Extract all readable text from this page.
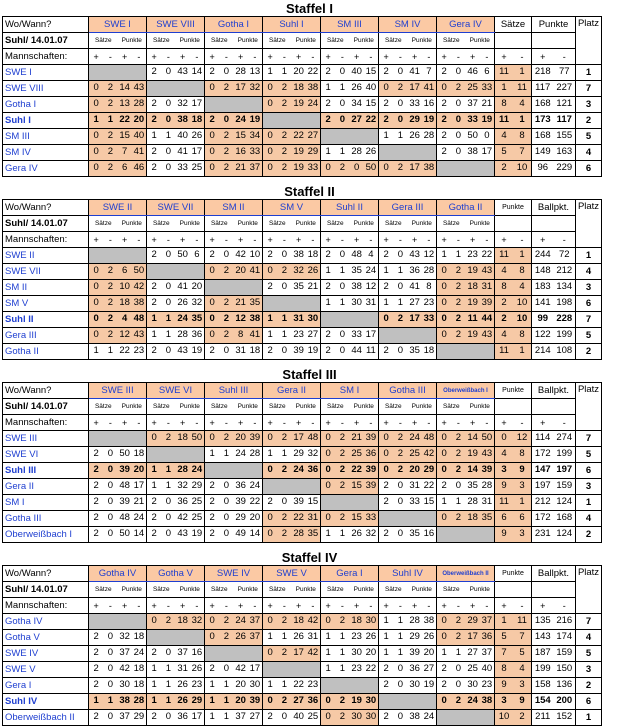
Staffel I
Wo/Wann?	SWE I	SWE VIII	Gotha I	Suhl I	SM III	SM IV	Gera IV	Sätze	Punkte	Platz
Suhl/ 14.01.07	Sätze Punkte	Sätze Punkte	Sätze Punkte	Sätze Punkte	Sätze Punkte	Sätze Punkte	Sätze Punkte			
Mannschaften:	+ - + -	+ - + -	+ - + -	+ - + -	+ - + -	+ - + -	+ - + -	+ -	+ -	
SWE I		2 0 43 14	2 0 28 13	1 1 20 22	2 0 40 15	2 0 41 7	2 0 46 6	11 1	218 77	1
SWE VIII	0 2 14 43		0 2 17 32	0 2 18 38	1 1 26 40	0 2 17 41	0 2 25 33	1 11	117 227	7
Gotha I	0 2 13 28	2 0 32 17		0 2 19 24	2 0 34 15	2 0 33 16	2 0 37 21	8 4	168 121	3
Suhl I	1 1 22 20	2 0 38 18	2 0 24 19		2 0 27 22	2 0 29 19	2 0 33 19	11 1	173 117	2
SM III	0 2 15 40	1 1 40 26	0 2 15 34	0 2 22 27		1 1 26 28	2 0 50 0	4 8	168 155	5
SM IV	0 2 7 41	2 0 41 17	0 2 16 33	0 2 19 29	1 1 28 26		2 0 38 17	5 7	149 163	4
Gera IV	0 2 6 46	2 0 33 25	0 2 21 37	0 2 19 33	0 2 0 50	0 2 17 38		2 10	96 229	6
Staffel II
Wo/Wann?	SWE II	SWE VII	SM II	SM V	Suhl II	Gera III	Gotha II	Punkte	Ballpkt.	Platz
Suhl/ 14.01.07	Sätze Punkte	Sätze Punkte	Sätze Punkte	Sätze Punkte	Sätze Punkte	Sätze Punkte	Sätze Punkte			
Mannschaften:	+ - + -	+ - + -	+ - + -	+ - + -	+ - + -	+ - + -	+ - + -	+ -	+ -	
SWE II		2 0 50 6	2 0 42 10	2 0 38 18	2 0 48 4	2 0 43 12	1 1 23 22	11 1	244 72	1
SWE VII	0 2 6 50		0 2 20 41	0 2 32 26	1 1 35 24	1 1 36 28	0 2 19 43	4 8	148 212	4
SM II	0 2 10 42	2 0 41 20		2 0 35 21	2 0 38 12	2 0 41 8	0 2 18 31	8 4	183 134	3
SM V	0 2 18 38	2 0 26 32	0 2 21 35		1 1 30 31	1 1 27 23	0 2 19 39	2 10	141 198	6
Suhl II	0 2 4 48	1 1 24 35	0 2 12 38	1 1 31 30		0 2 17 33	0 2 11 44	2 10	99 228	7
Gera III	0 2 12 43	1 1 28 36	0 2 8 41	1 1 23 27	2 0 33 17		0 2 19 43	4 8	122 199	5
Gotha II	1 1 22 23	2 0 43 19	2 0 31 18	2 0 39 19	2 0 44 11	2 0 35 18		11 1	214 108	2
Staffel III
Wo/Wann?	SWE III	SWE VI	Suhl III	Gera II	SM I	Gotha III	Oberweißbach I	Punkte	Ballpkt.	Platz
Suhl/ 14.01.07	Sätze Punkte	Sätze Punkte	Sätze Punkte	Sätze Punkte	Sätze Punkte	Sätze Punkte	Sätze Punkte			
Mannschaften:	+ - + -	+ - + -	+ - + -	+ - + -	+ - + -	+ - + -	+ - + -	+ -	+ -	
SWE III		0 2 18 50	0 2 20 39	0 2 17 48	0 2 21 39	0 2 24 48	0 2 14 50	0 12	114 274	7
SWE VI	2 0 50 18		1 1 24 28	1 1 29 32	0 2 25 36	0 2 25 42	0 2 19 43	4 8	172 199	5
Suhl III	2 0 39 20	1 1 28 24		0 2 24 36	0 2 22 39	0 2 20 29	0 2 14 39	3 9	147 197	6
Gera II	2 0 48 17	1 1 32 29	2 0 36 24		0 2 15 39	2 0 31 22	2 0 35 28	9 3	197 159	3
SM I	2 0 39 21	2 0 36 25	2 0 39 22	2 0 39 15		2 0 33 15	1 1 28 31	11 1	212 124	1
Gotha III	2 0 48 24	2 0 42 25	2 0 29 20	0 2 22 31	0 2 15 33		0 2 18 35	6 6	172 168	4
Oberweißbach I	2 0 50 14	2 0 43 19	2 0 49 14	0 2 28 35	1 1 26 32	2 0 35 16		9 3	231 124	2
Staffel IV
Wo/Wann?	Gotha IV	Gotha V	SWE IV	SWE V	Gera I	Suhl IV	Oberweißbach II	Punkte	Ballpkt.	Platz
Suhl/ 14.01.07	Sätze Punkte	Sätze Punkte	Sätze Punkte	Sätze Punkte	Sätze Punkte	Sätze Punkte	Sätze Punkte			
Mannschaften:	+ - + -	+ - + -	+ - + -	+ - + -	+ - + -	+ - + -	+ - + -	+ -	+ -	
Gotha IV		0 2 18 32	0 2 24 37	0 2 18 42	0 2 18 30	1 1 28 38	0 2 29 37	1 11	135 216	7
Gotha V	2 0 32 18		0 2 26 37	1 1 26 31	1 1 23 26	1 1 29 26	0 2 17 36	5 7	143 174	4
SWE IV	2 0 37 24	2 0 37 16		0 2 17 42	1 1 30 20	1 1 39 20	1 1 27 37	7 5	187 159	5
SWE V	2 0 42 18	1 1 31 26	2 0 42 17		1 1 23 22	2 0 36 27	2 0 25 40	8 4	199 150	3
Gera I	2 0 30 18	1 1 26 23	1 1 20 30	1 1 22 23		2 0 30 19	2 0 30 23	9 3	158 136	2
Suhl IV	1 1 38 28	1 1 26 29	1 1 20 39	0 2 27 36	0 2 19 30		0 2 24 38	3 9	154 200	6
Oberweißbach II	2 0 37 29	2 0 36 17	1 1 37 27	2 0 40 25	0 2 30 30	2 0 38 24		10 2	211 152	1
